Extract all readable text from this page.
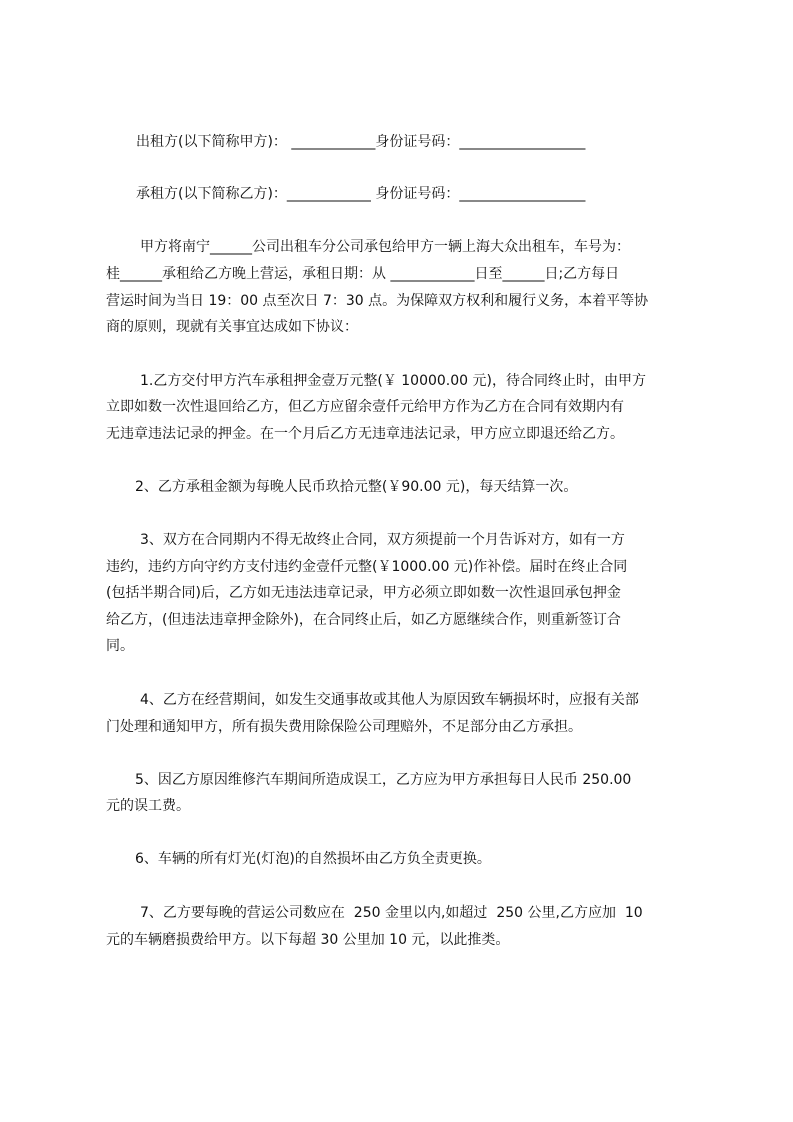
出租方(以下简称甲方)： ____________身份证号码：__________________
承租方(以下简称乙方)：____________ 身份证号码：__________________
甲方将南宁______公司出租车分公司承包给甲方一辆上海大众出租车，车号为：
桂______承租给乙方晚上营运，承租日期：从 ____________日至______日;乙方每日
营运时间为当日 19：00 点至次日 7：30 点。为保障双方权利和履行义务，本着平等协
商的原则，现就有关事宜达成如下协议：
1.乙方交付甲方汽车承租押金壹万元整(￥ 10000.00 元)，待合同终止时，由甲方
立即如数一次性退回给乙方，但乙方应留余壹仟元给甲方作为乙方在合同有效期内有
无违章违法记录的押金。在一个月后乙方无违章违法记录，甲方应立即退还给乙方。
2、乙方承租金额为每晚人民币玖拾元整(￥90.00 元)，每天结算一次。
3、双方在合同期内不得无故终止合同，双方须提前一个月告诉对方，如有一方
违约，违约方向守约方支付违约金壹仟元整(￥1000.00 元)作补偿。届时在终止合同
(包括半期合同)后，乙方如无违法违章记录，甲方必须立即如数一次性退回承包押金
给乙方，(但违法违章押金除外)，在合同终止后，如乙方愿继续合作，则重新签订合
同。
4、乙方在经营期间，如发生交通事故或其他人为原因致车辆损坏时，应报有关部
门处理和通知甲方，所有损失费用除保险公司理赔外，不足部分由乙方承担。
5、因乙方原因维修汽车期间所造成误工，乙方应为甲方承担每日人民币 250.00
元的误工费。
6、车辆的所有灯光(灯泡)的自然损坏由乙方负全责更换。
7、乙方要每晚的营运公司数应在  250 金里以内,如超过  250 公里,乙方应加  10
元的车辆磨损费给甲方。以下每超 30 公里加 10 元，以此推类。
